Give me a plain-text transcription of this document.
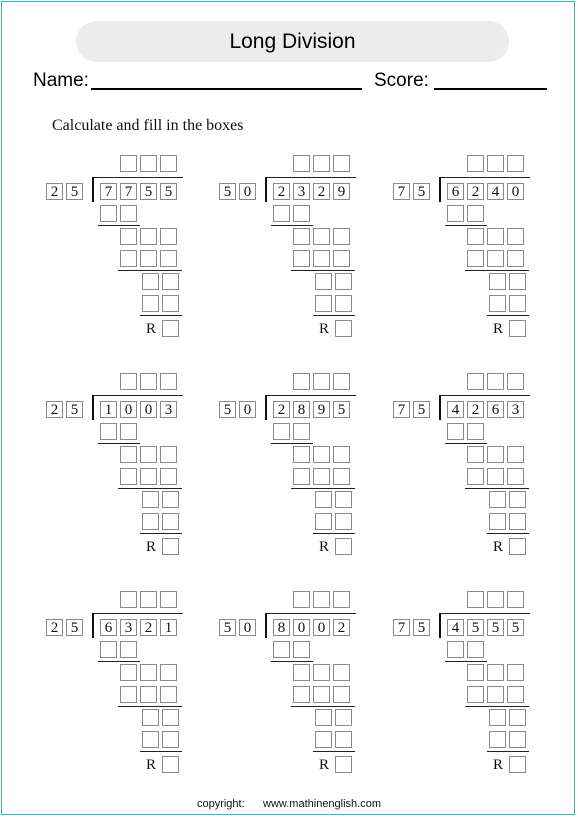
Long Division
Name:	Score:
Calculate and fill in the boxes
2 5	7 7 5 5
R
5 0	2 3 2 9
R
7 5	6 2 4 0
R
2 5	1 0 0 3
R
5 0	2 8 9 5
R
7 5	4 2 6 3
R
2 5	6 3 2 1
R
5 0	8 0 0 2
R
7 5	4 5 5 5
R
copyright: www.mathinenglish.com
